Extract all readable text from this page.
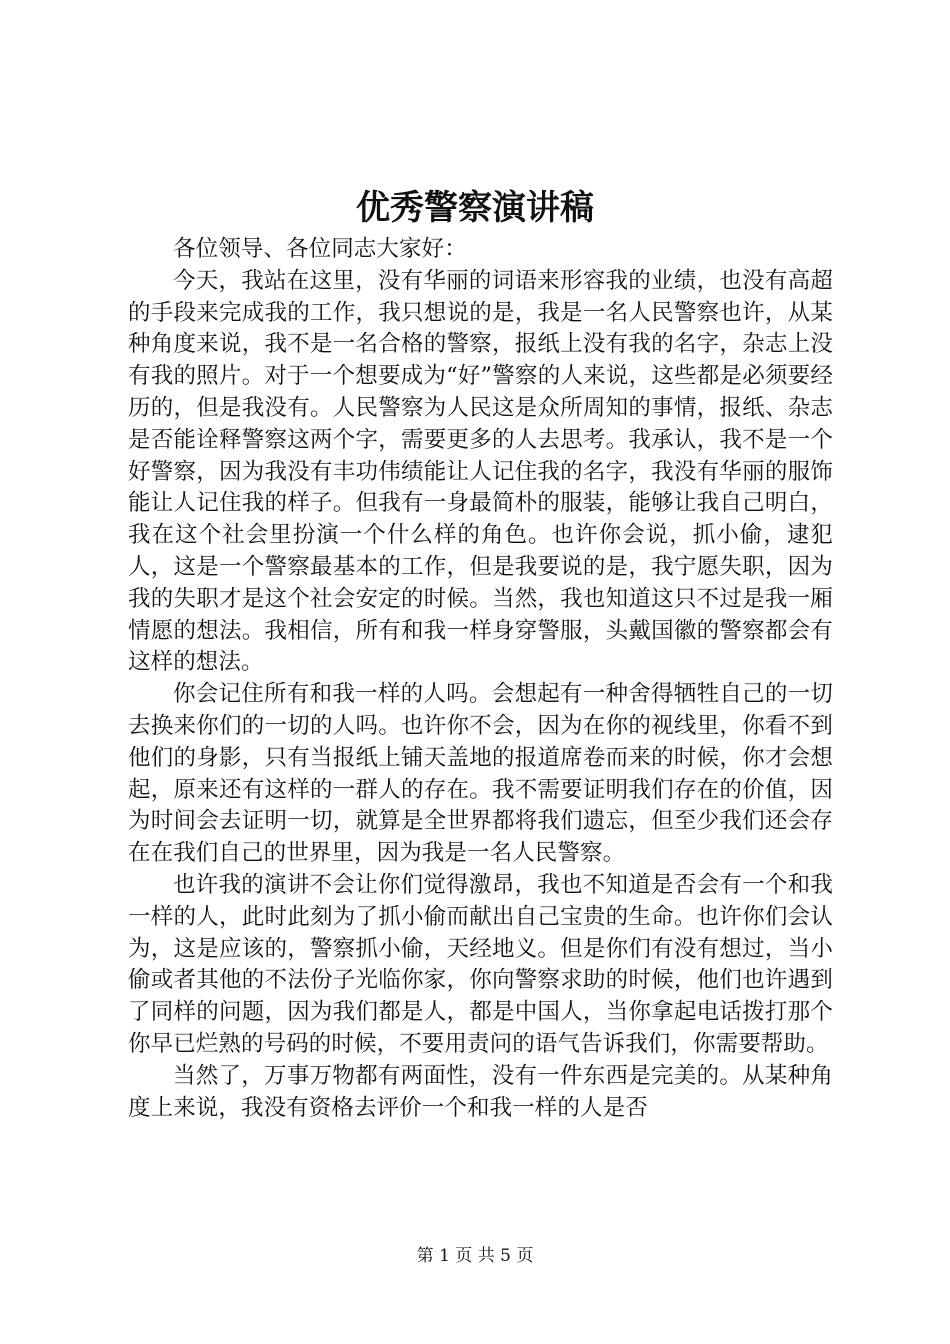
优秀警察演讲稿

各位领导、各位同志大家好：

今天，我站在这里，没有华丽的词语来形容我的业绩，也没有高超的手段来完成我的工作，我只想说的是，我是一名人民警察也许，从某种角度来说，我不是一名合格的警察，报纸上没有我的名字，杂志上没有我的照片。对于一个想要成为“好”警察的人来说，这些都是必须要经历的，但是我没有。人民警察为人民这是众所周知的事情，报纸、杂志是否能诠释警察这两个字，需要更多的人去思考。我承认，我不是一个好警察，因为我没有丰功伟绩能让人记住我的名字，我没有华丽的服饰能让人记住我的样子。但我有一身最简朴的服装，能够让我自己明白，我在这个社会里扮演一个什么样的角色。也许你会说，抓小偷，逮犯人，这是一个警察最基本的工作，但是我要说的是，我宁愿失职，因为我的失职才是这个社会安定的时候。当然，我也知道这只不过是我一厢情愿的想法。我相信，所有和我一样身穿警服，头戴国徽的警察都会有这样的想法。

你会记住所有和我一样的人吗。会想起有一种舍得牺牲自己的一切去换来你们的一切的人吗。也许你不会，因为在你的视线里，你看不到他们的身影，只有当报纸上铺天盖地的报道席卷而来的时候，你才会想起，原来还有这样的一群人的存在。我不需要证明我们存在的价值，因为时间会去证明一切，就算是全世界都将我们遗忘，但至少我们还会存在在我们自己的世界里，因为我是一名人民警察。

也许我的演讲不会让你们觉得激昂，我也不知道是否会有一个和我一样的人，此时此刻为了抓小偷而献出自己宝贵的生命。也许你们会认为，这是应该的，警察抓小偷，天经地义。但是你们有没有想过，当小偷或者其他的不法份子光临你家，你向警察求助的时候，他们也许遇到了同样的问题，因为我们都是人，都是中国人，当你拿起电话拨打那个你早已烂熟的号码的时候，不要用责问的语气告诉我们，你需要帮助。

当然了，万事万物都有两面性，没有一件东西是完美的。从某种角度上来说，我没有资格去评价一个和我一样的人是否

第 1 页 共 5 页
